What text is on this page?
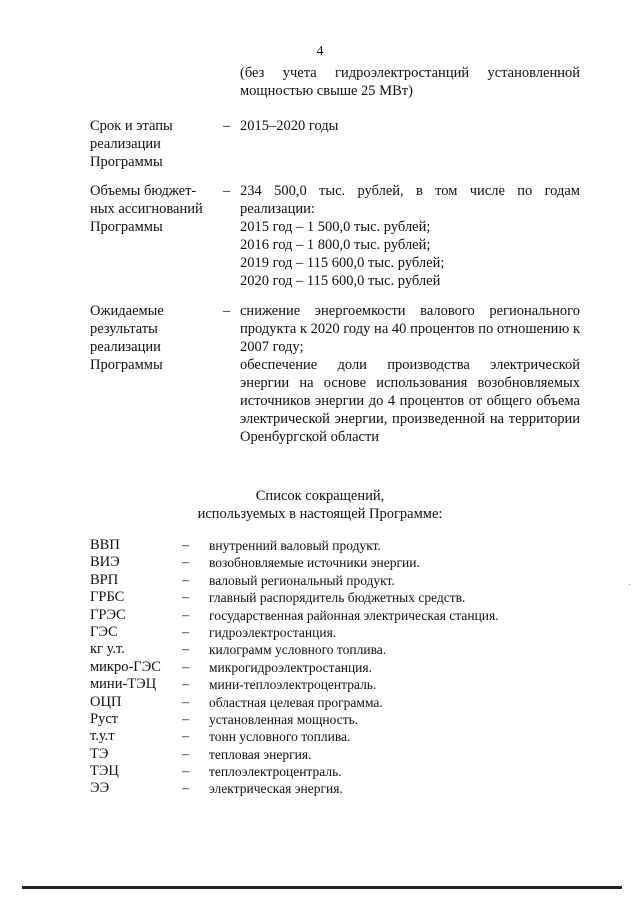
4
(без учета гидроэлектростанций установленной мощностью свыше 25 МВт)
Срок и этапы
реализации
Программы
– 2015–2020 годы
Объемы бюджет-
ных ассигнований
Программы
– 234 500,0 тыс. рублей, в том числе по годам реализации:
2015 год – 1 500,0 тыс. рублей;
2016 год – 1 800,0 тыс. рублей;
2019 год – 115 600,0 тыс. рублей;
2020 год – 115 600,0 тыс. рублей
Ожидаемые
результаты
реализации
Программы
– снижение энергоемкости валового регионального продукта к 2020 году на 40 процентов по отношению к 2007 году;
обеспечение доли производства электрической энергии на основе использования возобновляемых источников энергии до 4 процентов от общего объема электрической энергии, произведенной на территории Оренбургской области
Список сокращений,
используемых в настоящей Программе:
ВВП	– внутренний валовый продукт.
ВИЭ	– возобновляемые источники энергии.
ВРП	– валовый региональный продукт.
ГРБС	– главный распорядитель бюджетных средств.
ГРЭС	– государственная районная электрическая станция.
ГЭС	– гидроэлектростанция.
кг у.т.	– килограмм условного топлива.
микро-ГЭС	– микрогидроэлектростанция.
мини-ТЭЦ	– мини-теплоэлектроцентраль.
ОЦП	– областная целевая программа.
Руст	– установленная мощность.
т.у.т	– тонн условного топлива.
ТЭ	– тепловая энергия.
ТЭЦ	– теплоэлектроцентраль.
ЭЭ	– электрическая энергия.
·
